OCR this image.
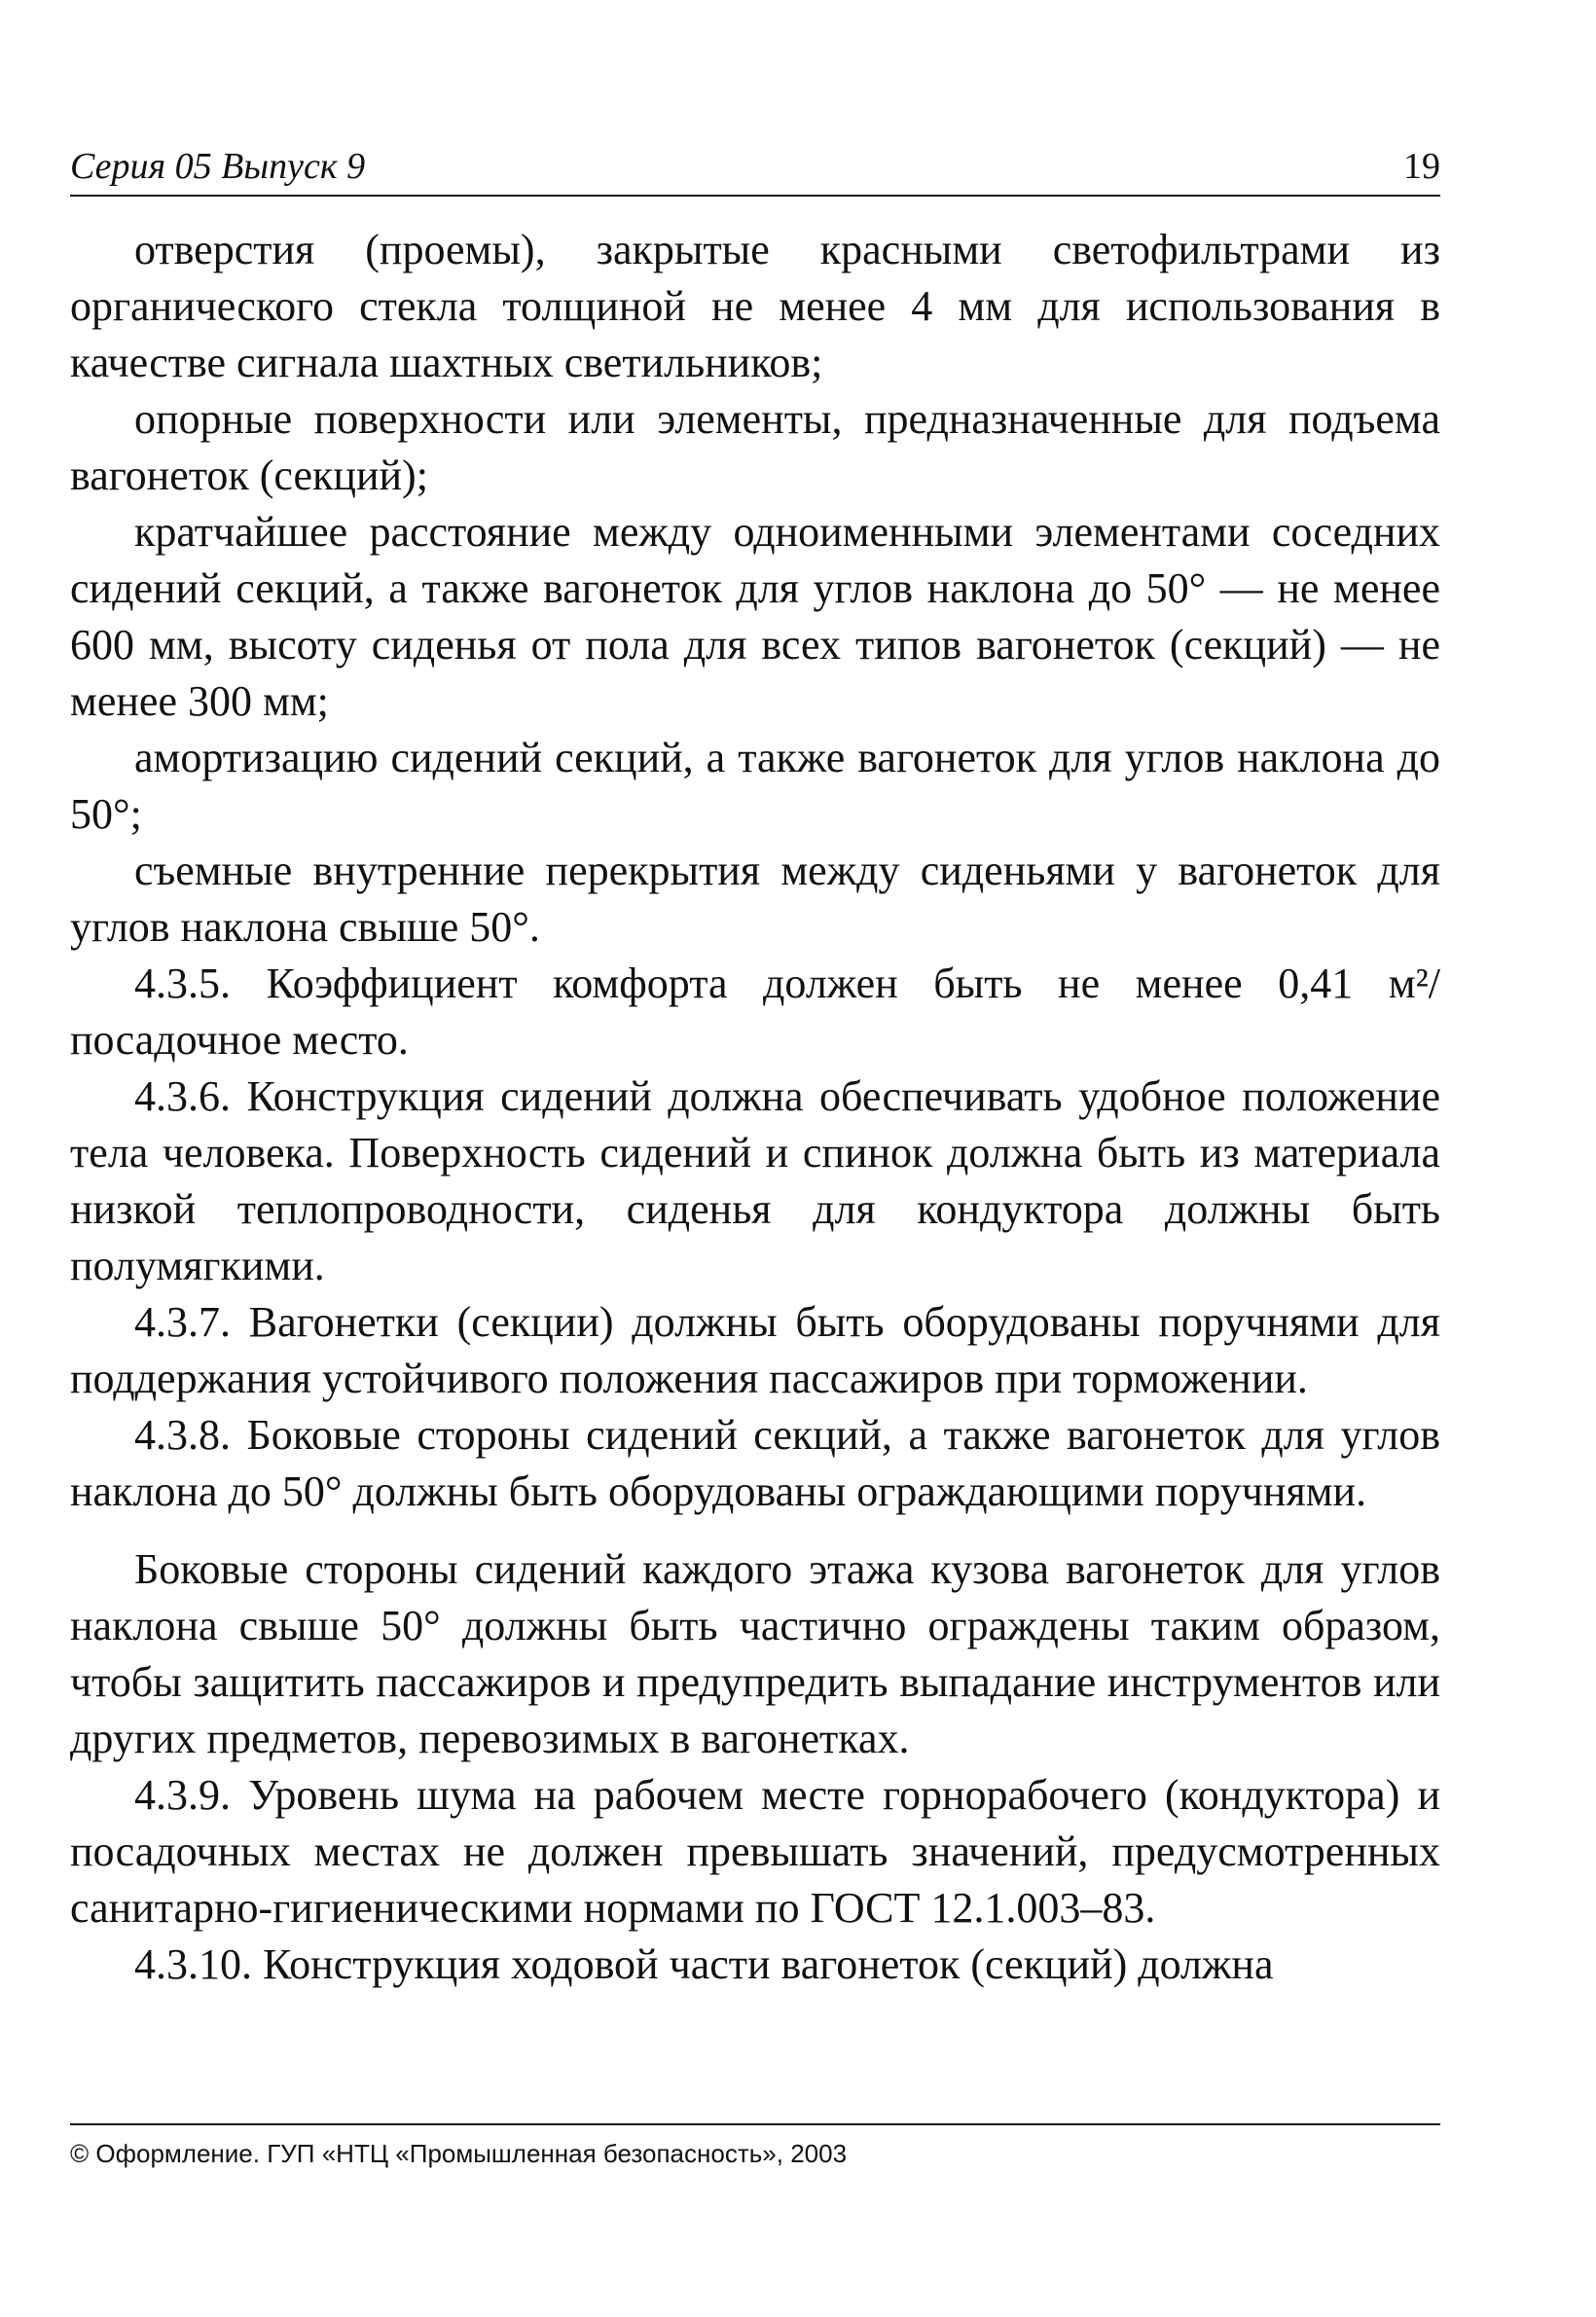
Серия 05 Выпуск 9	19

отверстия (проемы), закрытые красными светофильтрами из органического стекла толщиной не менее 4 мм для использования в качестве сигнала шахтных светильников;

опорные поверхности или элементы, предназначенные для подъема вагонеток (секций);

кратчайшее расстояние между одноименными элементами соседних сидений секций, а также вагонеток для углов наклона до 50° — не менее 600 мм, высоту сиденья от пола для всех типов вагонеток (секций) — не менее 300 мм;

амортизацию сидений секций, а также вагонеток для углов наклона до 50°;

съемные внутренние перекрытия между сиденьями у вагонеток для углов наклона свыше 50°.

4.3.5. Коэффициент комфорта должен быть не менее 0,41 м²/посадочное место.

4.3.6. Конструкция сидений должна обеспечивать удобное положение тела человека. Поверхность сидений и спинок должна быть из материала низкой теплопроводности, сиденья для кондуктора должны быть полумягкими.

4.3.7. Вагонетки (секции) должны быть оборудованы поручнями для поддержания устойчивого положения пассажиров при торможении.

4.3.8. Боковые стороны сидений секций, а также вагонеток для углов наклона до 50° должны быть оборудованы ограждающими поручнями.

Боковые стороны сидений каждого этажа кузова вагонеток для углов наклона свыше 50° должны быть частично ограждены таким образом, чтобы защитить пассажиров и предупредить выпадание инструментов или других предметов, перевозимых в вагонетках.

4.3.9. Уровень шума на рабочем месте горнорабочего (кондуктора) и посадочных местах не должен превышать значений, предусмотренных санитарно-гигиеническими нормами по ГОСТ 12.1.003–83.

4.3.10. Конструкция ходовой части вагонеток (секций) должна

© Оформление. ГУП «НТЦ «Промышленная безопасность», 2003
